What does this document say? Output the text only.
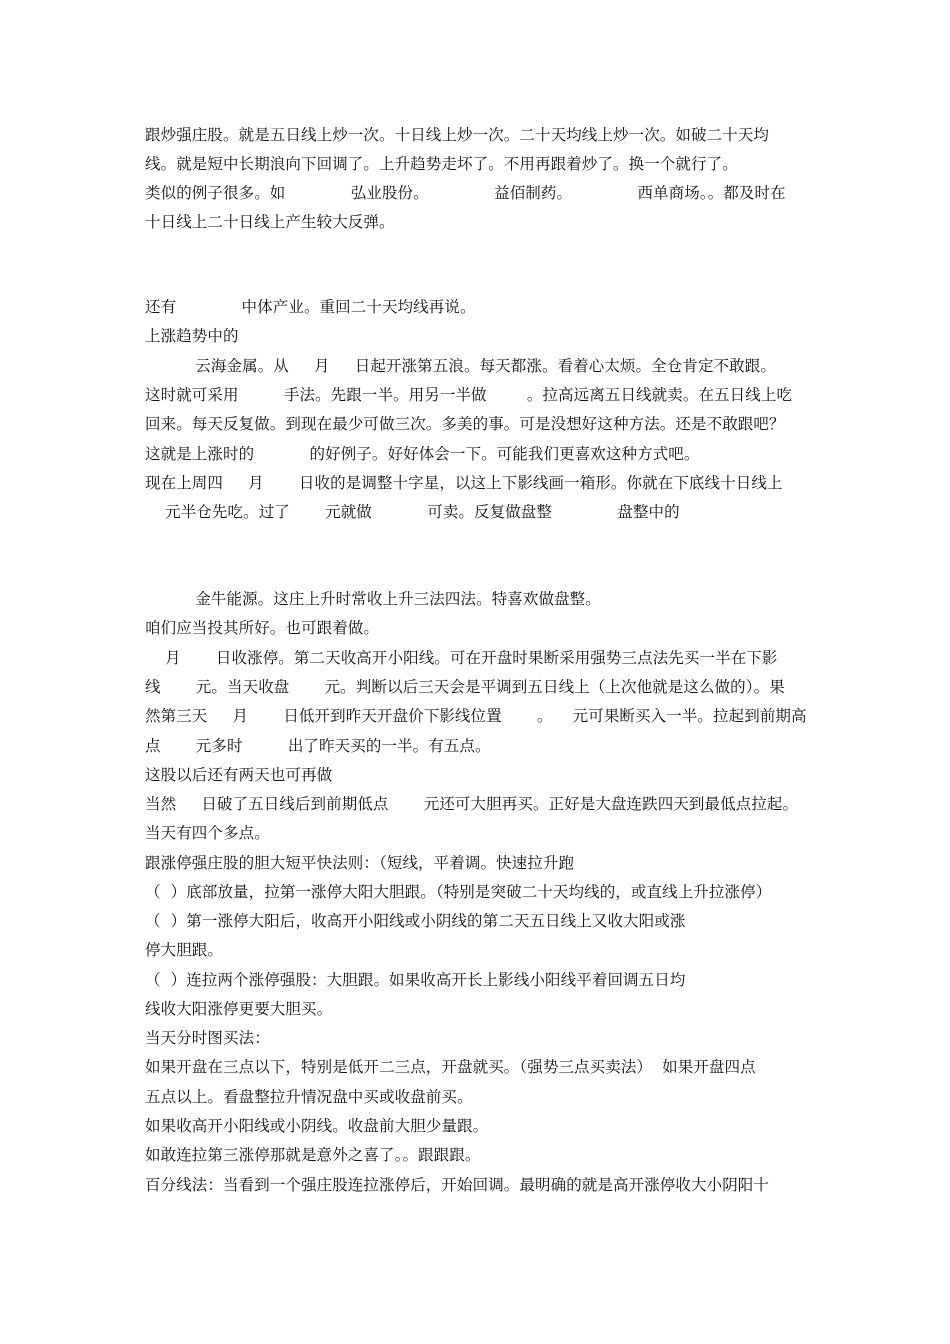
跟炒强庄股。就是五日线上炒一次。十日线上炒一次。二十天均线上炒一次。如破二十天均
线。就是短中长期浪向下回调了。上升趋势走坏了。不用再跟着炒了。换一个就行了。
类似的例子很多。如             弘业股份。             益佰制药。             西单商场。。都及时在
十日线上二十日线上产生较大反弹。
还有             中体产业。重回二十天均线再说。
上涨趋势中的
云海金属。从     月     日起开涨第五浪。每天都涨。看着心太烦。全仓肯定不敢跟。
这时就可采用         手法。先跟一半。用另一半做        。拉高远离五日线就卖。在五日线上吃
回来。每天反复做。到现在最少可做三次。多美的事。可是没想好这种方法。还是不敢跟吧？
这就是上涨时的           的好例子。好好体会一下。可能我们更喜欢这种方式吧。
现在上周四     月       日收的是调整十字星，以这上下影线画一箱形。你就在下底线十日线上
元半仓先吃。过了       元就做           可卖。反复做盘整             盘整中的
金牛能源。这庄上升时常收上升三法四法。特喜欢做盘整。
咱们应当投其所好。也可跟着做。
月       日收涨停。第二天收高开小阳线。可在开盘时果断采用强势三点法先买一半在下影
线       元。当天收盘       元。判断以后三天会是平调到五日线上（上次他就是这么做的）。果
然第三天     月       日低开到昨天开盘价下影线位置       。    元可果断买入一半。拉起到前期高
点       元多时         出了昨天买的一半。有五点。
这股以后还有两天也可再做
当然     日破了五日线后到前期低点       元还可大胆再买。正好是大盘连跌四天到最低点拉起。
当天有四个多点。
跟涨停强庄股的胆大短平快法则：（短线，平着调。快速拉升跑
（  ）底部放量，拉第一涨停大阳大胆跟。（特别是突破二十天均线的，或直线上升拉涨停）
（  ）第一涨停大阳后，收高开小阳线或小阴线的第二天五日线上又收大阳或涨
停大胆跟。
（  ）连拉两个涨停强股：大胆跟。如果收高开长上影线小阳线平着回调五日均
线收大阳涨停更要大胆买。
当天分时图买法：
如果开盘在三点以下，特别是低开二三点，开盘就买。（强势三点买卖法）  如果开盘四点
五点以上。看盘整拉升情况盘中买或收盘前买。
如果收高开小阳线或小阴线。收盘前大胆少量跟。
如敢连拉第三涨停那就是意外之喜了。。跟跟跟。
百分线法：当看到一个强庄股连拉涨停后，开始回调。最明确的就是高开涨停收大小阴阳十
